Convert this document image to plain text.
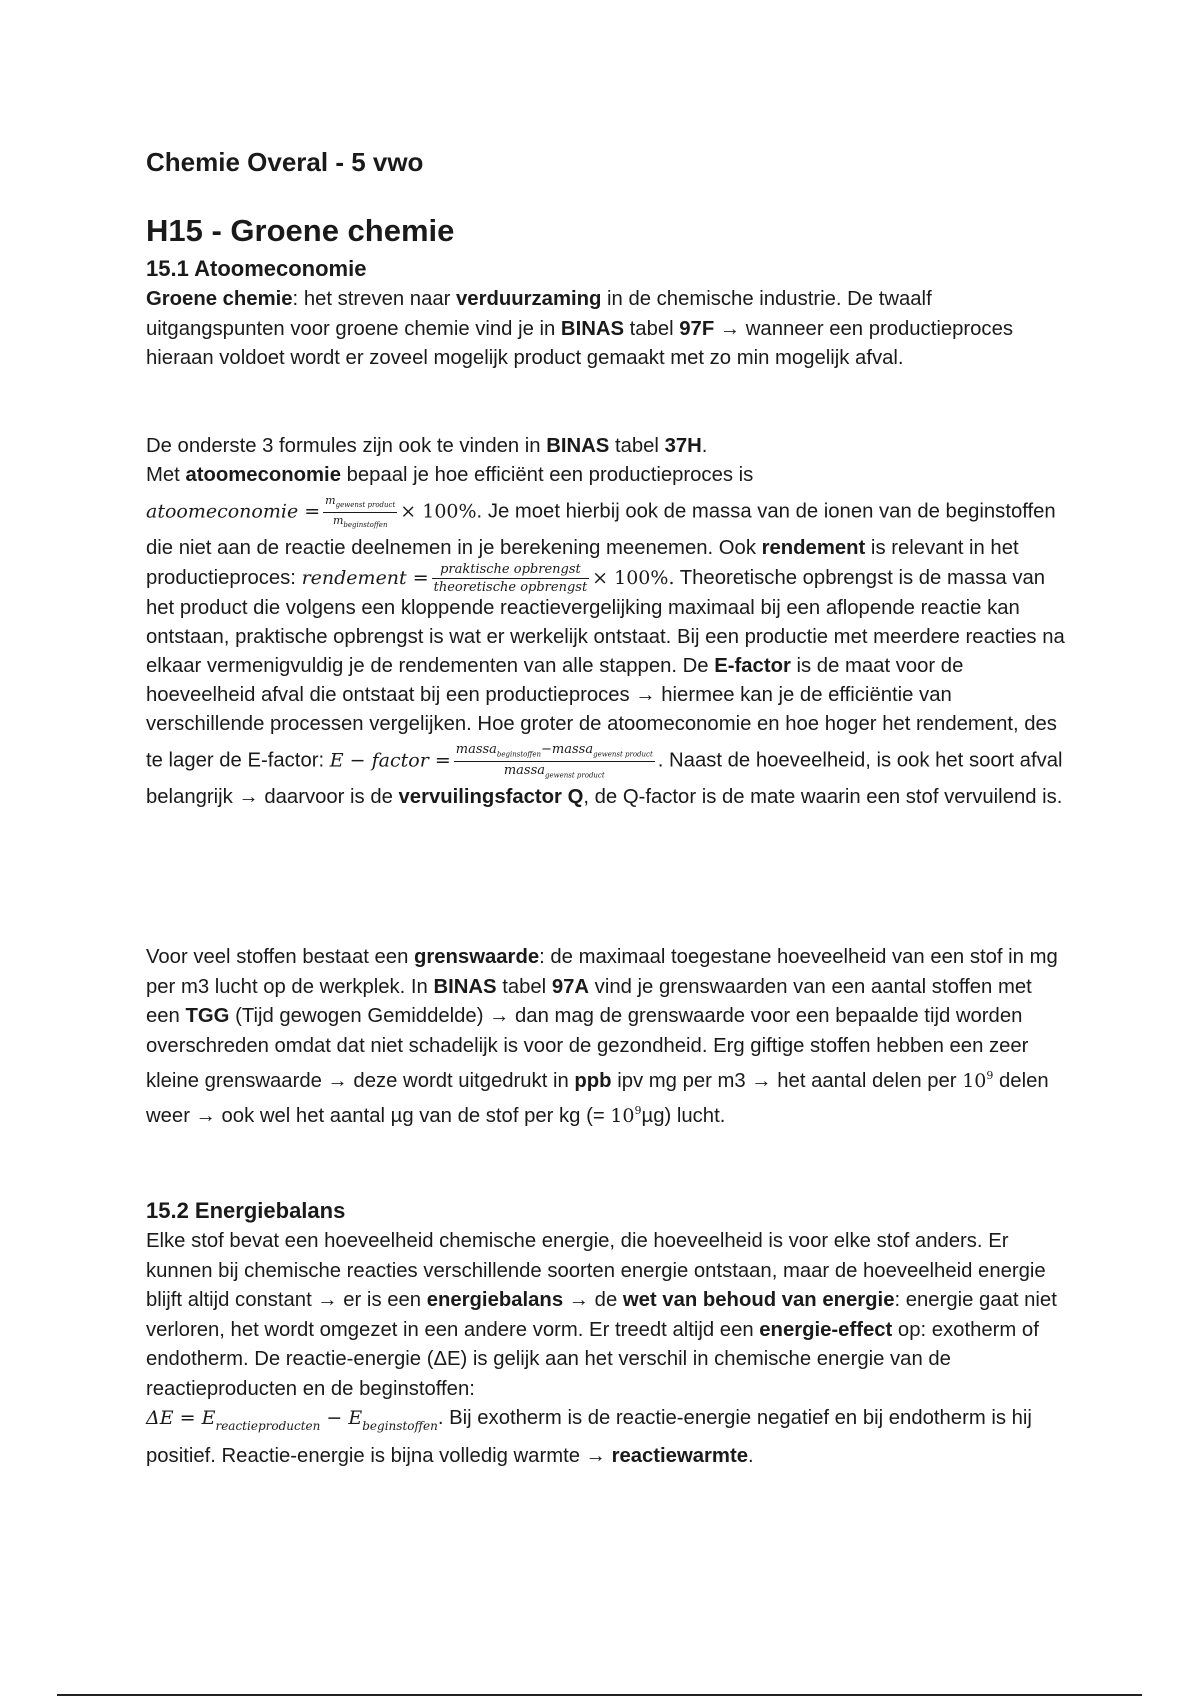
Chemie Overal - 5 vwo
H15 - Groene chemie
15.1 Atoomeconomie

Groene chemie: het streven naar verduurzaming in de chemische industrie. De twaalf uitgangspunten voor groene chemie vind je in BINAS tabel 97F → wanneer een productieproces hieraan voldoet wordt er zoveel mogelijk product gemaakt met zo min mogelijk afval.

De onderste 3 formules zijn ook te vinden in BINAS tabel 37H.
Met atoomeconomie bepaal je hoe efficiënt een productieproces is
atoomeconomie = $\frac{m_{gewenst product}}{m_{beginstoffen}} \times 100\%$. Je moet hierbij ook de massa van de ionen van de beginstoffen die niet aan de reactie deelnemen in je berekening meenemen. Ook rendement is relevant in het productieproces: rendement = $\frac{\text{praktische opbrengst}}{\text{theoretische opbrengst}} \times 100\%$. Theoretische opbrengst is de massa van het product die volgens een kloppende reactievergelijking maximaal bij een aflopende reactie kan ontstaan, praktische opbrengst is wat er werkelijk ontstaat. Bij een productie met meerdere reacties na elkaar vermenigvuldig je de rendementen van alle stappen. De E-factor is de maat voor de hoeveelheid afval die ontstaat bij een productieproces → hiermee kan je de efficiëntie van verschillende processen vergelijken. Hoe groter de atoomeconomie en hoe hoger het rendement, des te lager de E-factor: E − factor = $\frac{massa_{beginstoffen}-massa_{gewenst product}}{massa_{gewenst product}}$ . Naast de hoeveelheid, is ook het soort afval belangrijk → daarvoor is de vervuilingsfactor Q, de Q-factor is de mate waarin een stof vervuilend is.

Voor veel stoffen bestaat een grenswaarde: de maximaal toegestane hoeveelheid van een stof in mg per m3 lucht op de werkplek. In BINAS tabel 97A vind je grenswaarden van een aantal stoffen met een TGG (Tijd gewogen Gemiddelde) → dan mag de grenswaarde voor een bepaalde tijd worden overschreden omdat dat niet schadelijk is voor de gezondheid. Erg giftige stoffen hebben een zeer kleine grenswaarde → deze wordt uitgedrukt in ppb ipv mg per m3 → het aantal delen per $10^9$ delen weer → ook wel het aantal µg van de stof per kg (= $10^9\mu g$) lucht.

15.2 Energiebalans

Elke stof bevat een hoeveelheid chemische energie, die hoeveelheid is voor elke stof anders. Er kunnen bij chemische reacties verschillende soorten energie ontstaan, maar de hoeveelheid energie blijft altijd constant → er is een energiebalans → de wet van behoud van energie: energie gaat niet verloren, het wordt omgezet in een andere vorm. Er treedt altijd een energie-effect op: exotherm of endotherm. De reactie-energie (ΔE) is gelijk aan het verschil in chemische energie van de reactieproducten en de beginstoffen:
$\Delta E = E_{reactieproducten} - E_{beginstoffen}$. Bij exotherm is de reactie-energie negatief en bij endotherm is hij positief. Reactie-energie is bijna volledig warmte → reactiewarmte.
